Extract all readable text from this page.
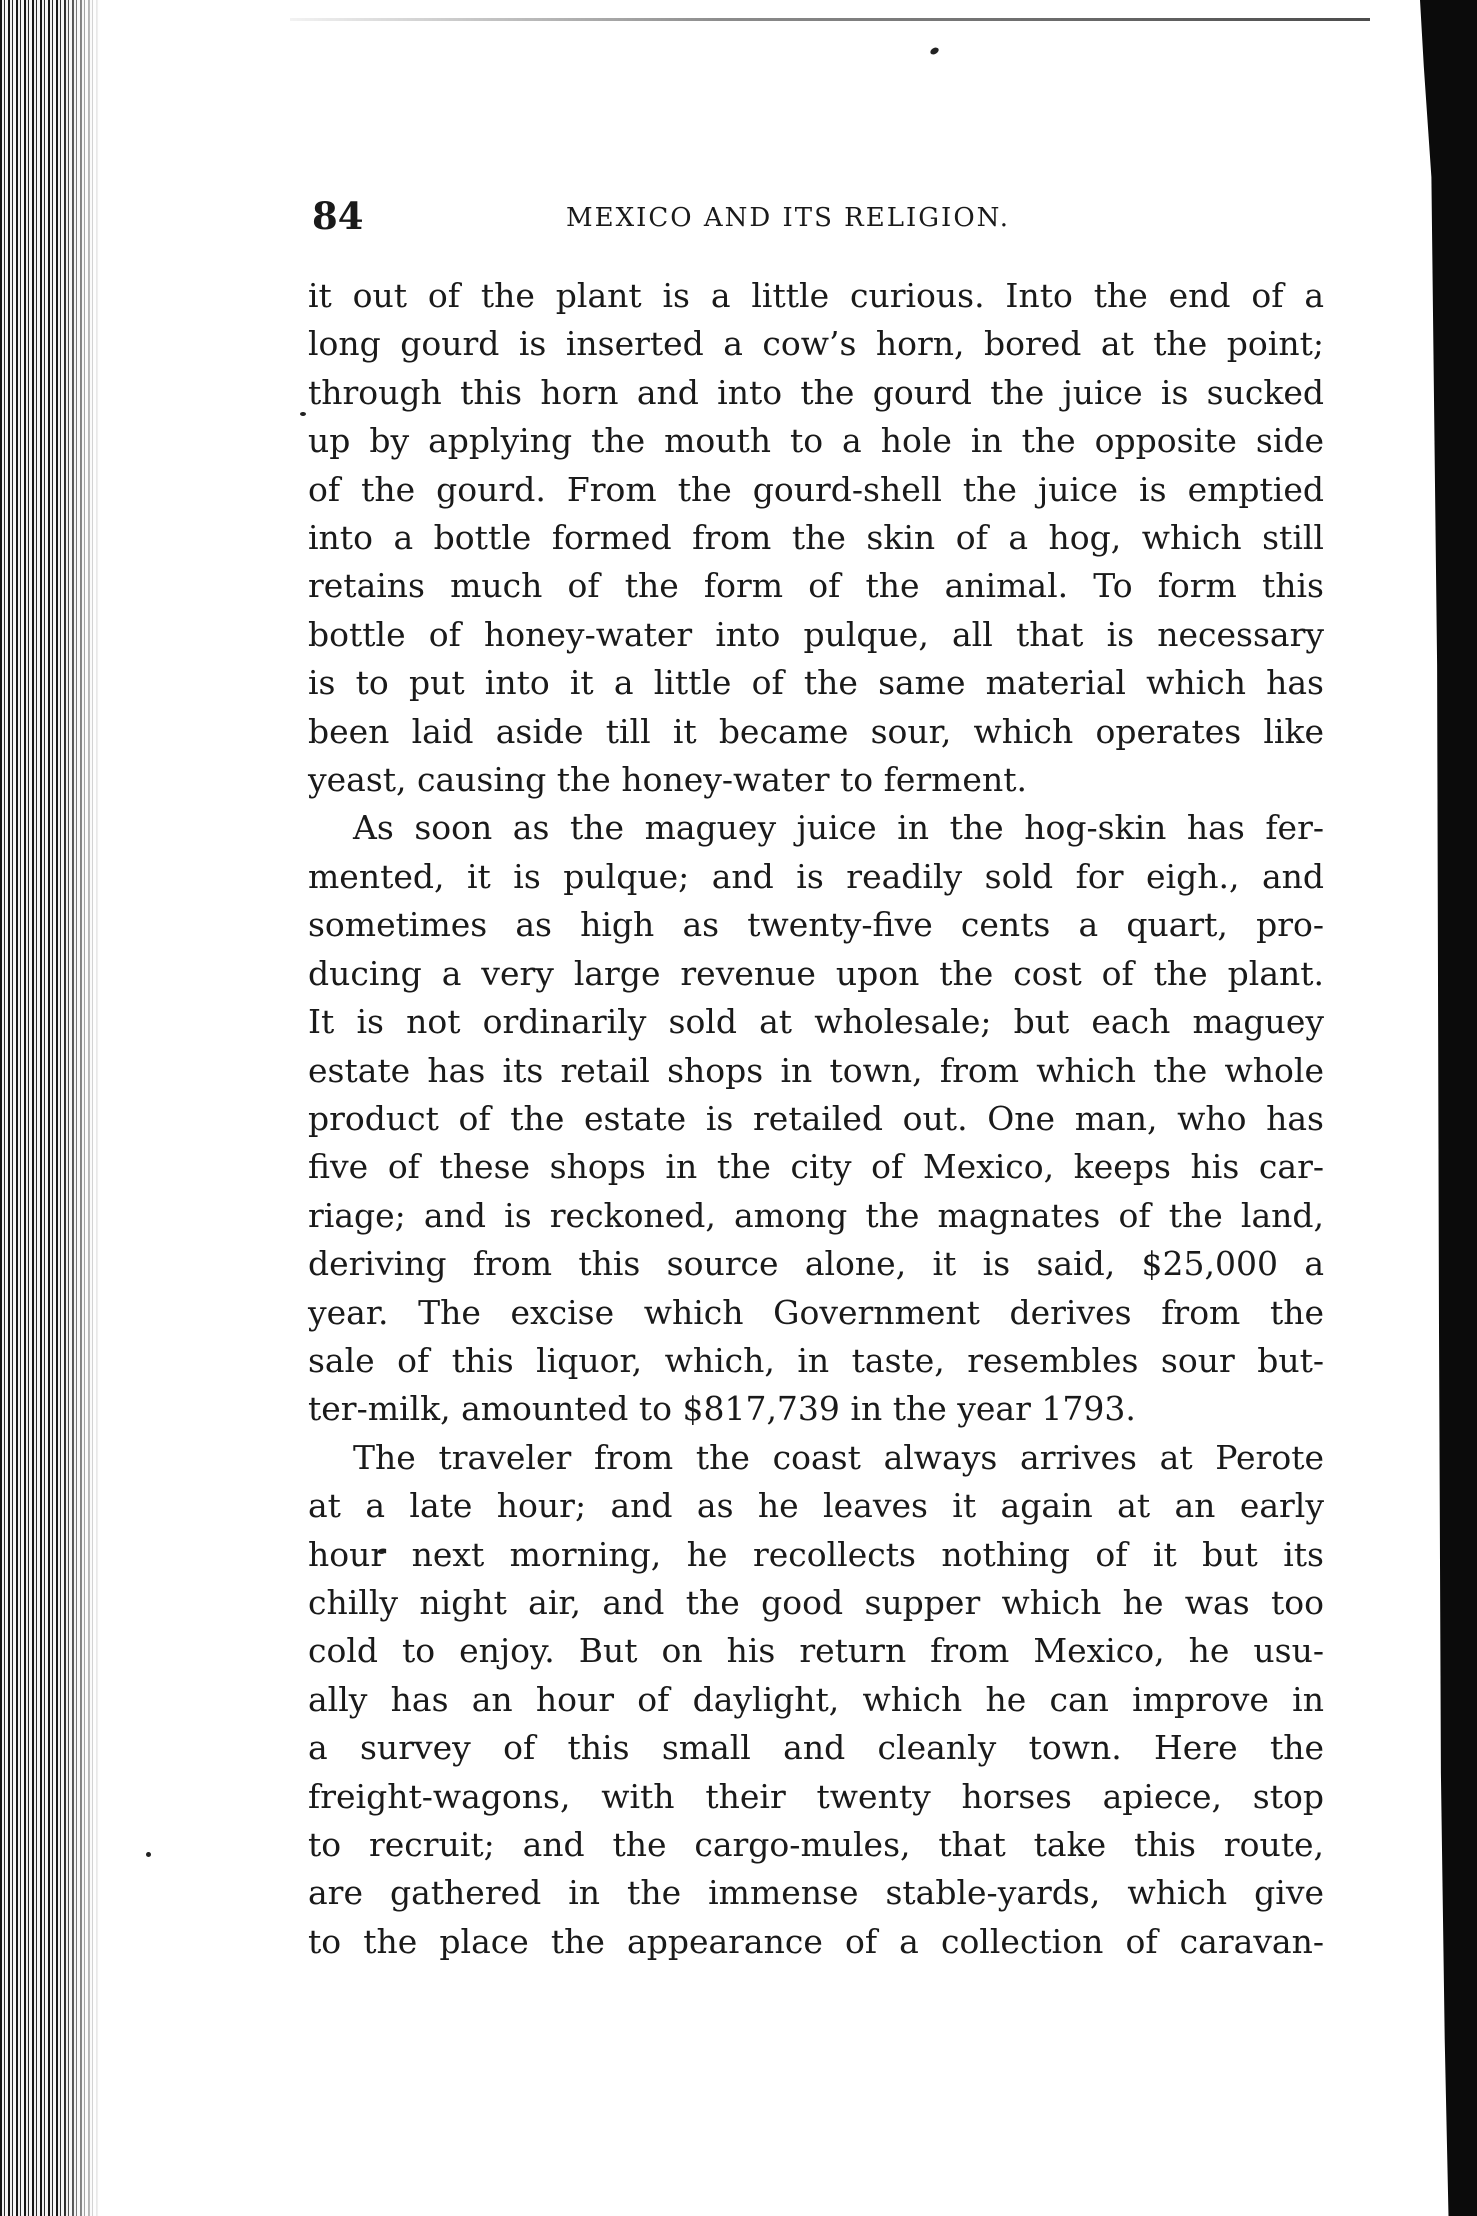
84	MEXICO AND ITS RELIGION.
it out of the plant is a little curious. Into the end of a
long gourd is inserted a cow’s horn, bored at the point;
through this horn and into the gourd the juice is sucked
up by applying the mouth to a hole in the opposite side
of the gourd. From the gourd-shell the juice is emptied
into a bottle formed from the skin of a hog, which still
retains much of the form of the animal. To form this
bottle of honey-water into pulque, all that is necessary
is to put into it a little of the same material which has
been laid aside till it became sour, which operates like
yeast, causing the honey-water to ferment.
As soon as the maguey juice in the hog-skin has fer-
mented, it is pulque; and is readily sold for eigh., and
sometimes as high as twenty-five cents a quart, pro-
ducing a very large revenue upon the cost of the plant.
It is not ordinarily sold at wholesale; but each maguey
estate has its retail shops in town, from which the whole
product of the estate is retailed out. One man, who has
five of these shops in the city of Mexico, keeps his car-
riage; and is reckoned, among the magnates of the land,
deriving from this source alone, it is said, $25,000 a
year. The excise which Government derives from the
sale of this liquor, which, in taste, resembles sour but-
ter-milk, amounted to $817,739 in the year 1793.
The traveler from the coast always arrives at Perote
at a late hour; and as he leaves it again at an early
hour next morning, he recollects nothing of it but its
chilly night air, and the good supper which he was too
cold to enjoy. But on his return from Mexico, he usu-
ally has an hour of daylight, which he can improve in
a survey of this small and cleanly town. Here the
freight-wagons, with their twenty horses apiece, stop
to recruit; and the cargo-mules, that take this route,
are gathered in the immense stable-yards, which give
to the place the appearance of a collection of caravan-
